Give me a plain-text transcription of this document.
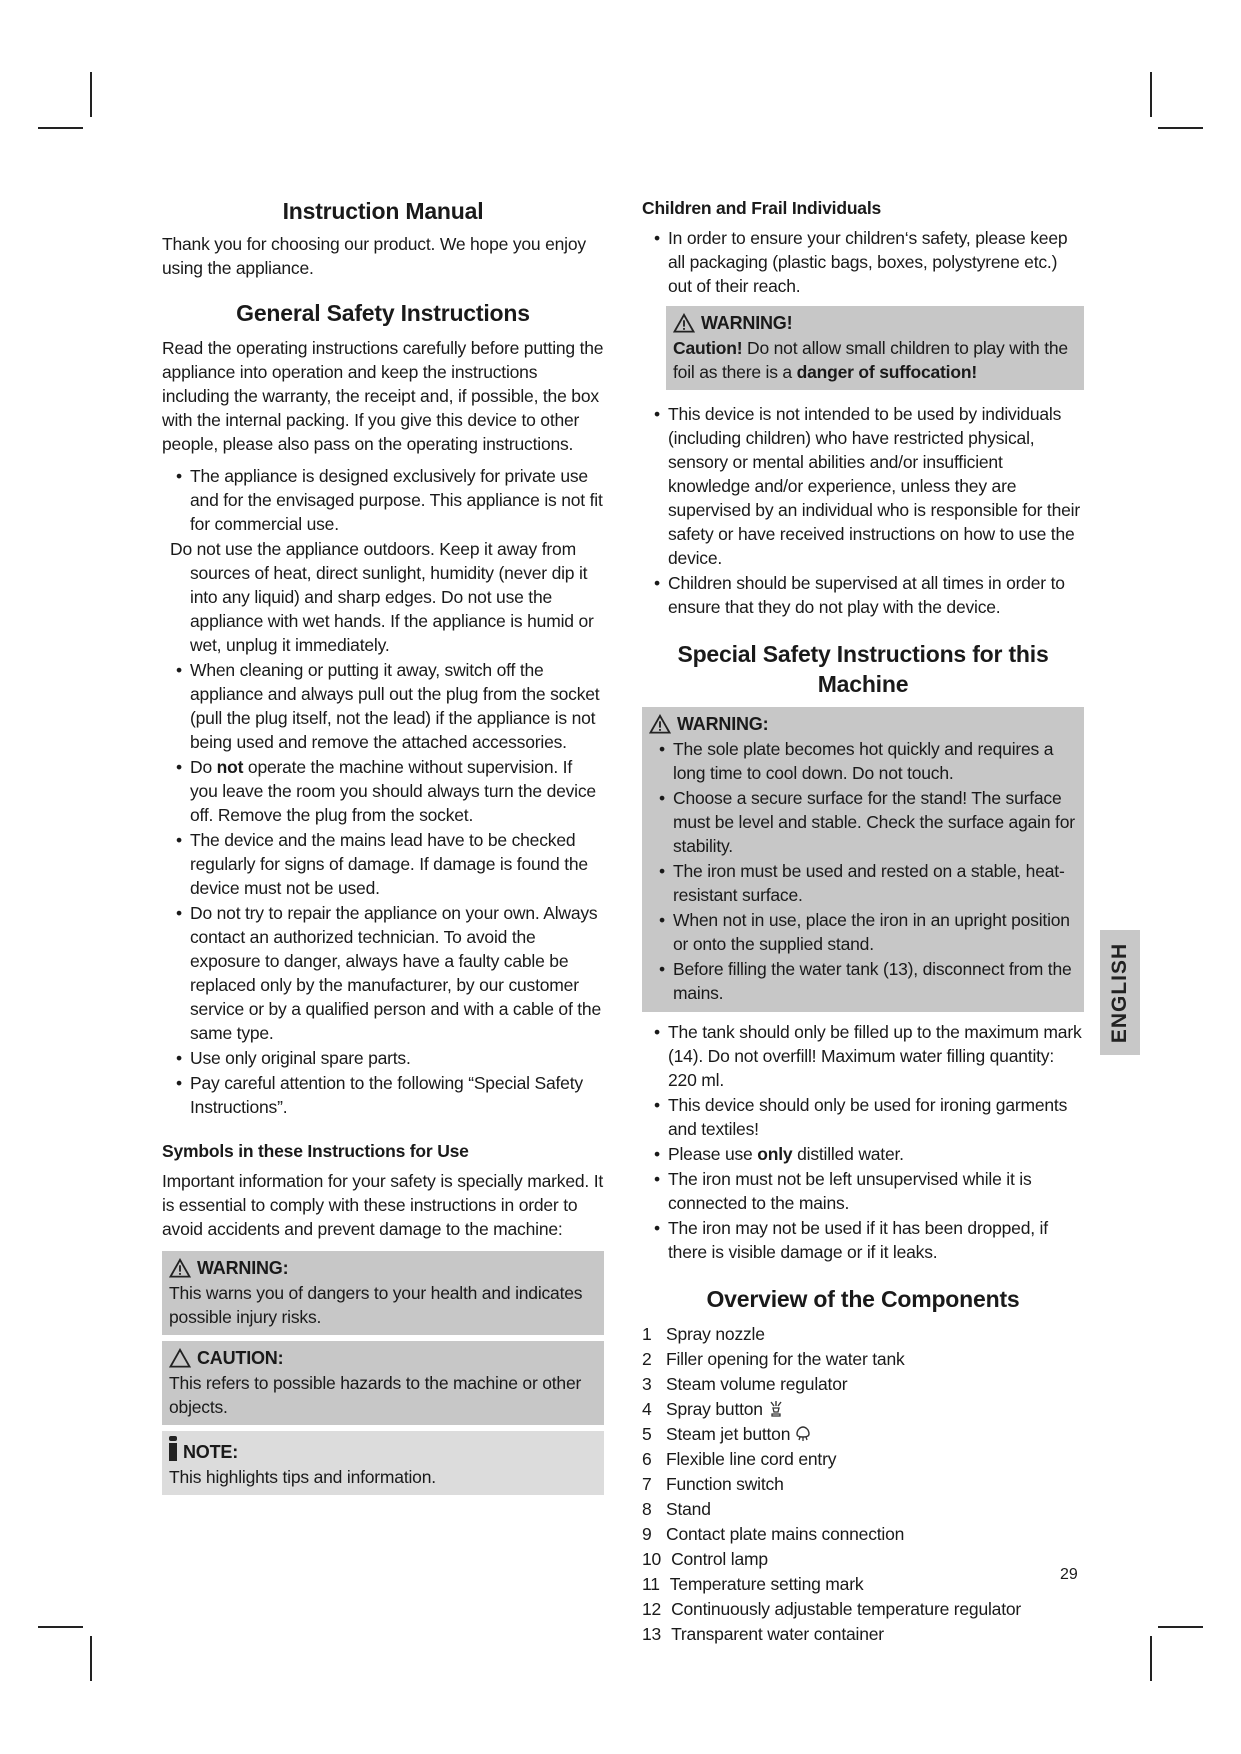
Instruction Manual

Thank you for choosing our product. We hope you enjoy using the appliance.

General Safety Instructions

Read the operating instructions carefully before putting the appliance into operation and keep the instructions including the warranty, the receipt and, if possible, the box with the internal packing. If you give this device to other people, please also pass on the operating instructions.

• The appliance is designed exclusively for private use and for the envisaged purpose. This appliance is not fit for commercial use.

Do not use the appliance outdoors. Keep it away from sources of heat, direct sunlight, humidity (never dip it into any liquid) and sharp edges. Do not use the appliance with wet hands. If the appliance is humid or wet, unplug it immediately.

• When cleaning or putting it away, switch off the appliance and always pull out the plug from the socket (pull the plug itself, not the lead) if the appliance is not being used and remove the attached accessories.
• Do not operate the machine without supervision. If you leave the room you should always turn the device off. Remove the plug from the socket.
• The device and the mains lead have to be checked regularly for signs of damage. If damage is found the device must not be used.
• Do not try to repair the appliance on your own. Always contact an authorized technician. To avoid the exposure to danger, always have a faulty cable be replaced only by the manufacturer, by our customer service or by a qualified person and with a cable of the same type.
• Use only original spare parts.
• Pay careful attention to the following “Special Safety Instructions”.
Symbols in these Instructions for Use

Important information for your safety is specially marked. It is essential to comply with these instructions in order to avoid accidents and prevent damage to the machine:

WARNING:
This warns you of dangers to your health and indicates possible injury risks.
CAUTION:
This refers to possible hazards to the machine or other objects.
NOTE:
This highlights tips and information.
Children and Frail Individuals
• In order to ensure your children‘s safety, please keep all packaging (plastic bags, boxes, polystyrene etc.) out of their reach.
WARNING!
Caution! Do not allow small children to play with the foil as there is a danger of suffocation!
• This device is not intended to be used by individuals (including children) who have restricted physical, sensory or mental abilities and/or insufficient knowledge and/or experience, unless they are supervised by an individual who is responsible for their safety or have received instructions on how to use the device.
• Children should be supervised at all times in order to ensure that they do not play with the device.
Special Safety Instructions for this Machine
WARNING:
• The sole plate becomes hot quickly and requires a long time to cool down. Do not touch.
• Choose a secure surface for the stand! The surface must be level and stable. Check the surface again for stability.
• The iron must be used and rested on a stable, heat-resistant surface.
• When not in use, place the iron in an upright position or onto the supplied stand.
• Before filling the water tank (13), disconnect from the mains.
• The tank should only be filled up to the maximum mark (14). Do not overfill! Maximum water filling quantity: 220 ml.
• This device should only be used for ironing garments and textiles!
• Please use only distilled water.
• The iron must not be left unsupervised while it is connected to the mains.
• The iron may not be used if it has been dropped, if there is visible damage or if it leaks.
Overview of the Components
1 Spray nozzle
2 Filler opening for the water tank
3 Steam volume regulator
4 Spray button
5 Steam jet button
6 Flexible line cord entry
7 Function switch
8 Stand
9 Contact plate mains connection
10 Control lamp
11 Temperature setting mark
12 Continuously adjustable temperature regulator
13 Transparent water container
ENGLISH
29
